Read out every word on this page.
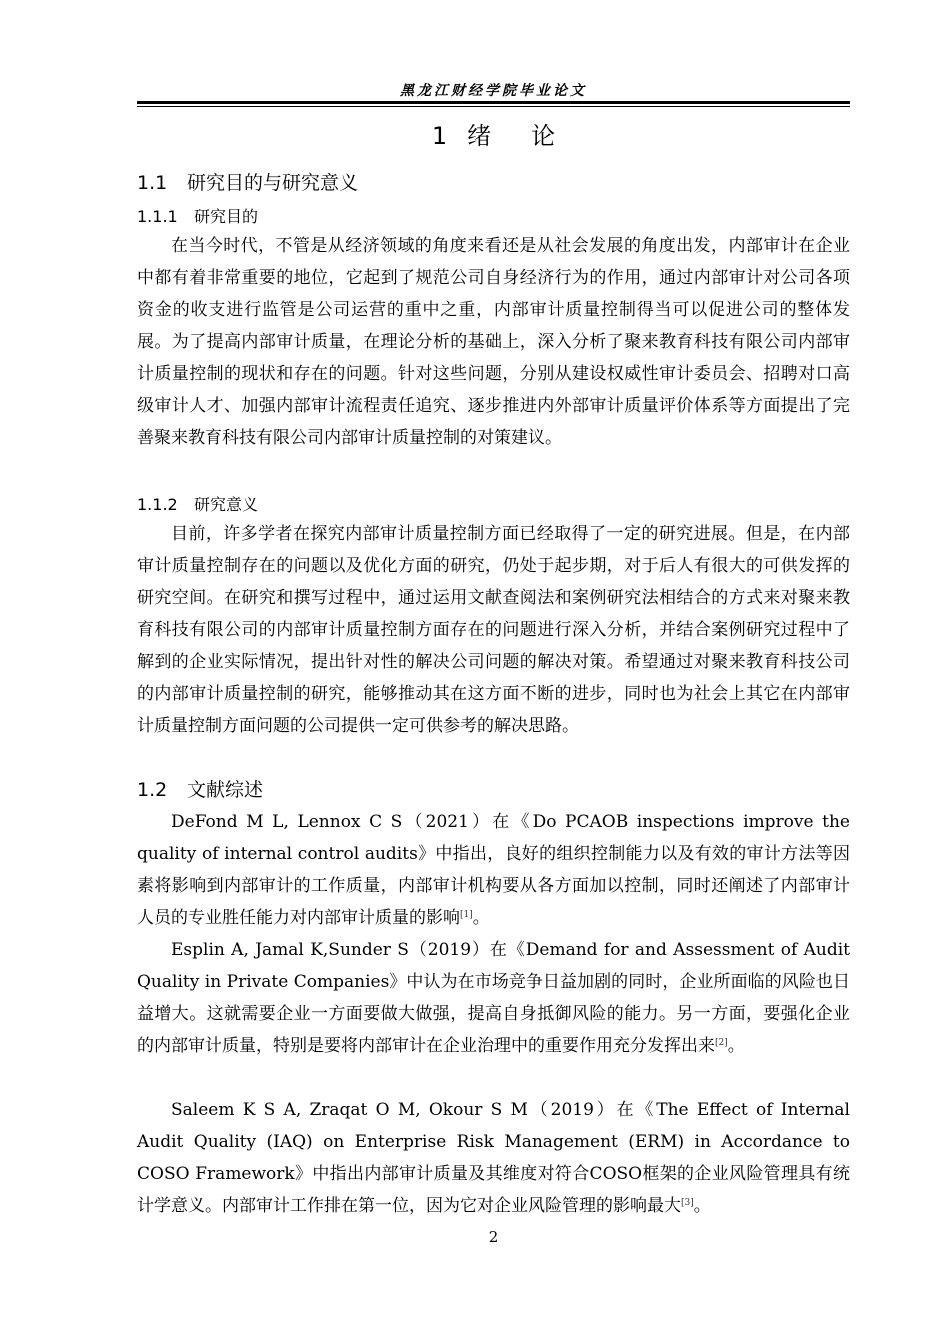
黑龙江财经学院毕业论文
1 绪 论
1.1 研究目的与研究意义
1.1.1 研究目的

在当今时代，不管是从经济领域的角度来看还是从社会发展的角度出发，内部审计在企业中都有着非常重要的地位，它起到了规范公司自身经济行为的作用，通过内部审计对公司各项资金的收支进行监管是公司运营的重中之重，内部审计质量控制得当可以促进公司的整体发展。为了提高内部审计质量，在理论分析的基础上，深入分析了聚来教育科技有限公司内部审计质量控制的现状和存在的问题。针对这些问题，分别从建设权威性审计委员会、招聘对口高级审计人才、加强内部审计流程责任追究、逐步推进内外部审计质量评价体系等方面提出了完善聚来教育科技有限公司内部审计质量控制的对策建议。

1.1.2 研究意义

目前，许多学者在探究内部审计质量控制方面已经取得了一定的研究进展。但是，在内部审计质量控制存在的问题以及优化方面的研究，仍处于起步期，对于后人有很大的可供发挥的研究空间。在研究和撰写过程中，通过运用文献查阅法和案例研究法相结合的方式来对聚来教育科技有限公司的内部审计质量控制方面存在的问题进行深入分析，并结合案例研究过程中了解到的企业实际情况，提出针对性的解决公司问题的解决对策。希望通过对聚来教育科技公司的内部审计质量控制的研究，能够推动其在这方面不断的进步，同时也为社会上其它在内部审计质量控制方面问题的公司提供一定可供参考的解决思路。

1.2 文献综述

DeFond M L, Lennox C S（2021）在《Do PCAOB inspections improve the quality of internal control audits》中指出，良好的组织控制能力以及有效的审计方法等因素将影响到内部审计的工作质量，内部审计机构要从各方面加以控制，同时还阐述了内部审计人员的专业胜任能力对内部审计质量的影响[1]。

Esplin A, Jamal K,Sunder S（2019）在《Demand for and Assessment of Audit Quality in Private Companies》中认为在市场竞争日益加剧的同时，企业所面临的风险也日益增大。这就需要企业一方面要做大做强，提高自身抵御风险的能力。另一方面，要强化企业的内部审计质量，特别是要将内部审计在企业治理中的重要作用充分发挥出来[2]。

Saleem K S A, Zraqat O M, Okour S M（2019）在《The Effect of Internal Audit Quality (IAQ) on Enterprise Risk Management (ERM) in Accordance to COSO Framework》中指出内部审计质量及其维度对符合COSO框架的企业风险管理具有统计学意义。内部审计工作排在第一位，因为它对企业风险管理的影响最大[3]。

2
